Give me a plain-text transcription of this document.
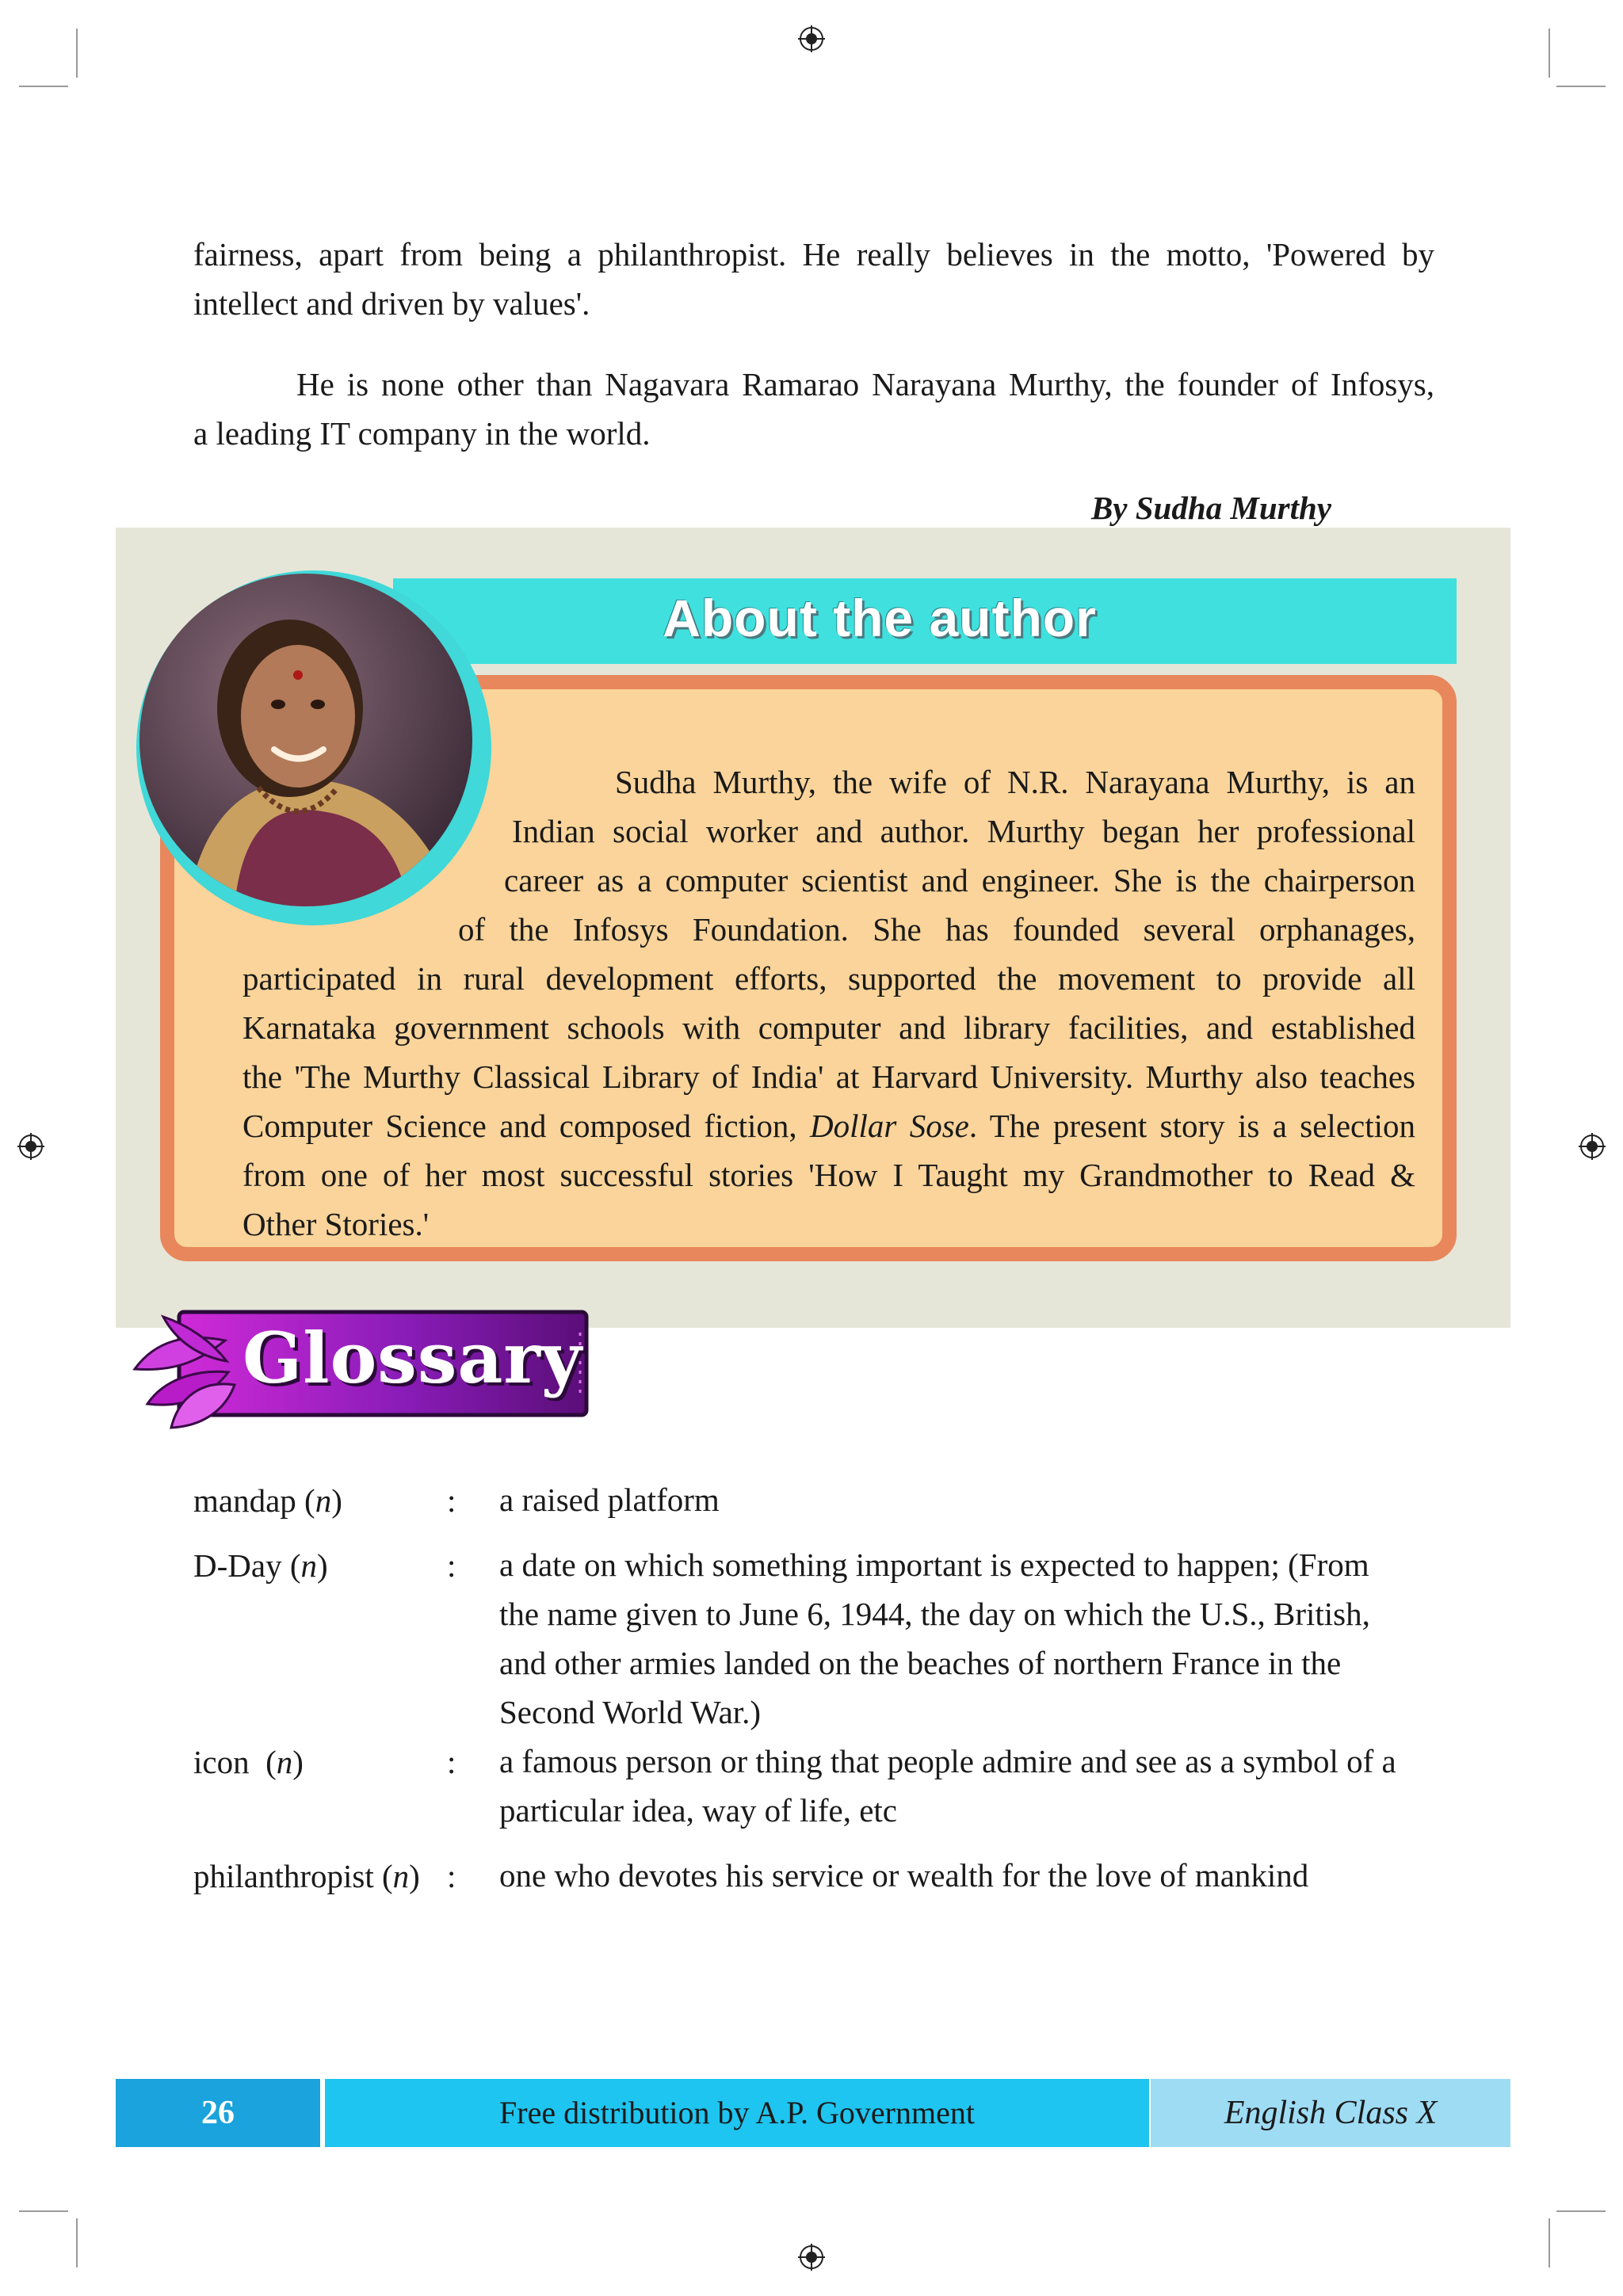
fairness, apart from being a philanthropist. He really believes in the motto, 'Powered by
intellect and driven by values'.
He is none other than Nagavara Ramarao Narayana Murthy, the founder of Infosys,
a leading IT company in the world.
By Sudha Murthy
About the author
Sudha Murthy, the wife of N.R. Narayana Murthy, is an
Indian social worker and author. Murthy began her professional
career as a computer scientist and engineer. She is the chairperson
of the Infosys Foundation. She has founded several orphanages,
participated in rural development efforts, supported the movement to provide all
Karnataka government schools with computer and library facilities, and established
the 'The Murthy Classical Library of India' at Harvard University. Murthy also teaches
Computer Science and composed fiction, Dollar Sose. The present story is a selection
from one of her most successful stories 'How I Taught my Grandmother to Read &
Other Stories.'
Glossary
mandap (n)	: a raised platform
D-Day (n)	: a date on which something important is expected to happen; (From
the name given to June 6, 1944, the day on which the U.S., British,
and other armies landed on the beaches of northern France in the
Second World War.)
icon  (n)	: a famous person or thing that people admire and see as a symbol of a
particular idea, way of life, etc
philanthropist (n) : one who devotes his service or wealth for the love of mankind
26	Free distribution by A.P. Government	English Class X
